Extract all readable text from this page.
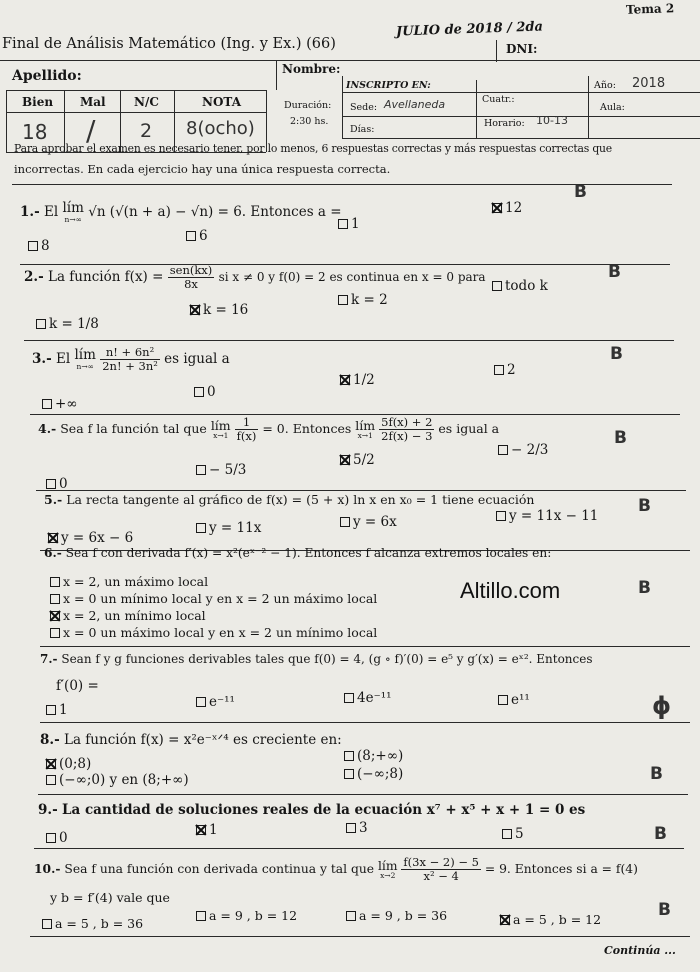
Tema 2
Final de Análisis Matemático (Ing. y Ex.) (66)
JULIO de 2018 / 2da
DNI:
Apellido:	Nombre:
Bien Mal N/C	NOTA
18 / 2 8(ocho)
Duración:
2:30 hs.
INSCRIPTO EN:
Cuatr.:
Año: 2018
Sede: Avellaneda
Horario: 10-13
Aula:
Días:
Para aprobar el examen es necesario tener, por lo menos, 6 respuestas correctas y más respuestas correctas que
incorrectas. En cada ejercicio hay una única respuesta correcta.
1.- El lím
n→∞ √n (√(n + a) − √n) = 6. Entonces a =
8
6
1
12
B
2.- La función $f(x) = \frac{\text{sen(kx)}}{8x}$ si x ≠ 0 y f(0) = 2 es continua en x = 0 para
k = 1/8
k = 16
k = 2
todo k
B
3.- El lím
n→∞
$\frac{\text{n! + 6n²}}{\text{2n! + 3n²}}$ es igual a
+∞
0
1/2
2
B
4.- Sea f la función tal que lím
x→1
$\frac{1}{f(x)} = 0$. Entonces lím
x→1
$\frac{5f(x) + 2}{2f(x) - 3}$ es igual a
0
− 5/3
5/2
− 2/3
B
5.- La recta tangente al gráfico de f(x) = (5 + x) ln x en x₀ = 1 tiene ecuación
y = 6x − 6
y = 11x	y = 6x	y = 11x − 11 B
6.- Sea f con derivada f′(x) = x²(eˣ⁻² − 1). Entonces f alcanza extremos locales en:
x = 2, un máximo local
x = 0 un mínimo local y en x = 2 un máximo local
x = 2, un mínimo local
x = 0 un máximo local y en x = 2 un mínimo local
B
Altillo.com
7.- Sean f y g funciones derivables tales que f(0) = 4, (g ∘ f)′(0) = e⁵ y g′(x) = eˣ². Entonces
f′(0) =
1	e⁻¹¹	4e⁻¹¹	e¹¹	ɸ
8.- La función f(x) = x²e⁻ˣᐟ⁴ es creciente en:
(0;8)
(−∞;0) y en (8;+∞)
(8;+∞)
(−∞;8)	B
9.- La cantidad de soluciones reales de la ecuación x⁷ + x⁵ + x + 1 = 0 es
0	1	3	5	B
10.- Sea f una función con derivada continua y tal que lím
x→2
$\frac{f(3x - 2) - 5}{\text{x² − 4}} = 9$. Entonces si a = f(4)
y b = f′(4) vale que
a = 5 , b = 36
a = 9 , b = 12	a = 9 , b = 36	a = 5 , b = 12	B
Continúa ...
